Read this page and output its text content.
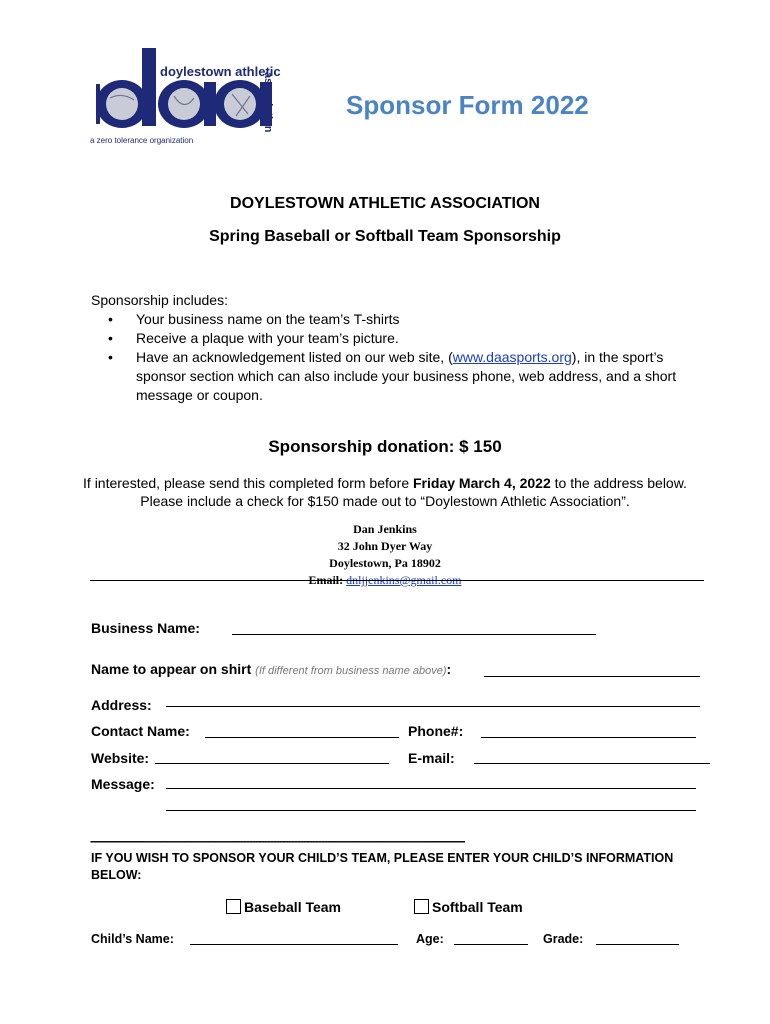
doylestown athletic
association
a zero tolerance organization
Sponsor Form 2022
DOYLESTOWN ATHLETIC ASSOCIATION
Spring Baseball or Softball Team Sponsorship
Sponsorship includes:
• Your business name on the team’s T-shirts
• Receive a plaque with your team’s picture.
• Have an acknowledgement listed on our web site, (www.daasports.org), in the sport’s sponsor section which can also include your business phone, web address, and a short message or coupon.
Sponsorship donation: $ 150
If interested, please send this completed form before Friday March 4, 2022 to the address below. Please include a check for $150 made out to “Doylestown Athletic Association”.
Dan Jenkins
32 John Dyer Way
Doylestown, Pa 18902
Email: dnljjenkins@gmail.com
Business Name:
Name to appear on shirt (If different from business name above):
Address:
Contact Name:	Phone#:
Website:	E-mail:
Message:
-----------------------------------------------------------------------------------------------------------------------------
IF YOU WISH TO SPONSOR YOUR CHILD’S TEAM, PLEASE ENTER YOUR CHILD’S INFORMATION BELOW:
Baseball Team	Softball Team
Child’s Name:	Age:	Grade:
